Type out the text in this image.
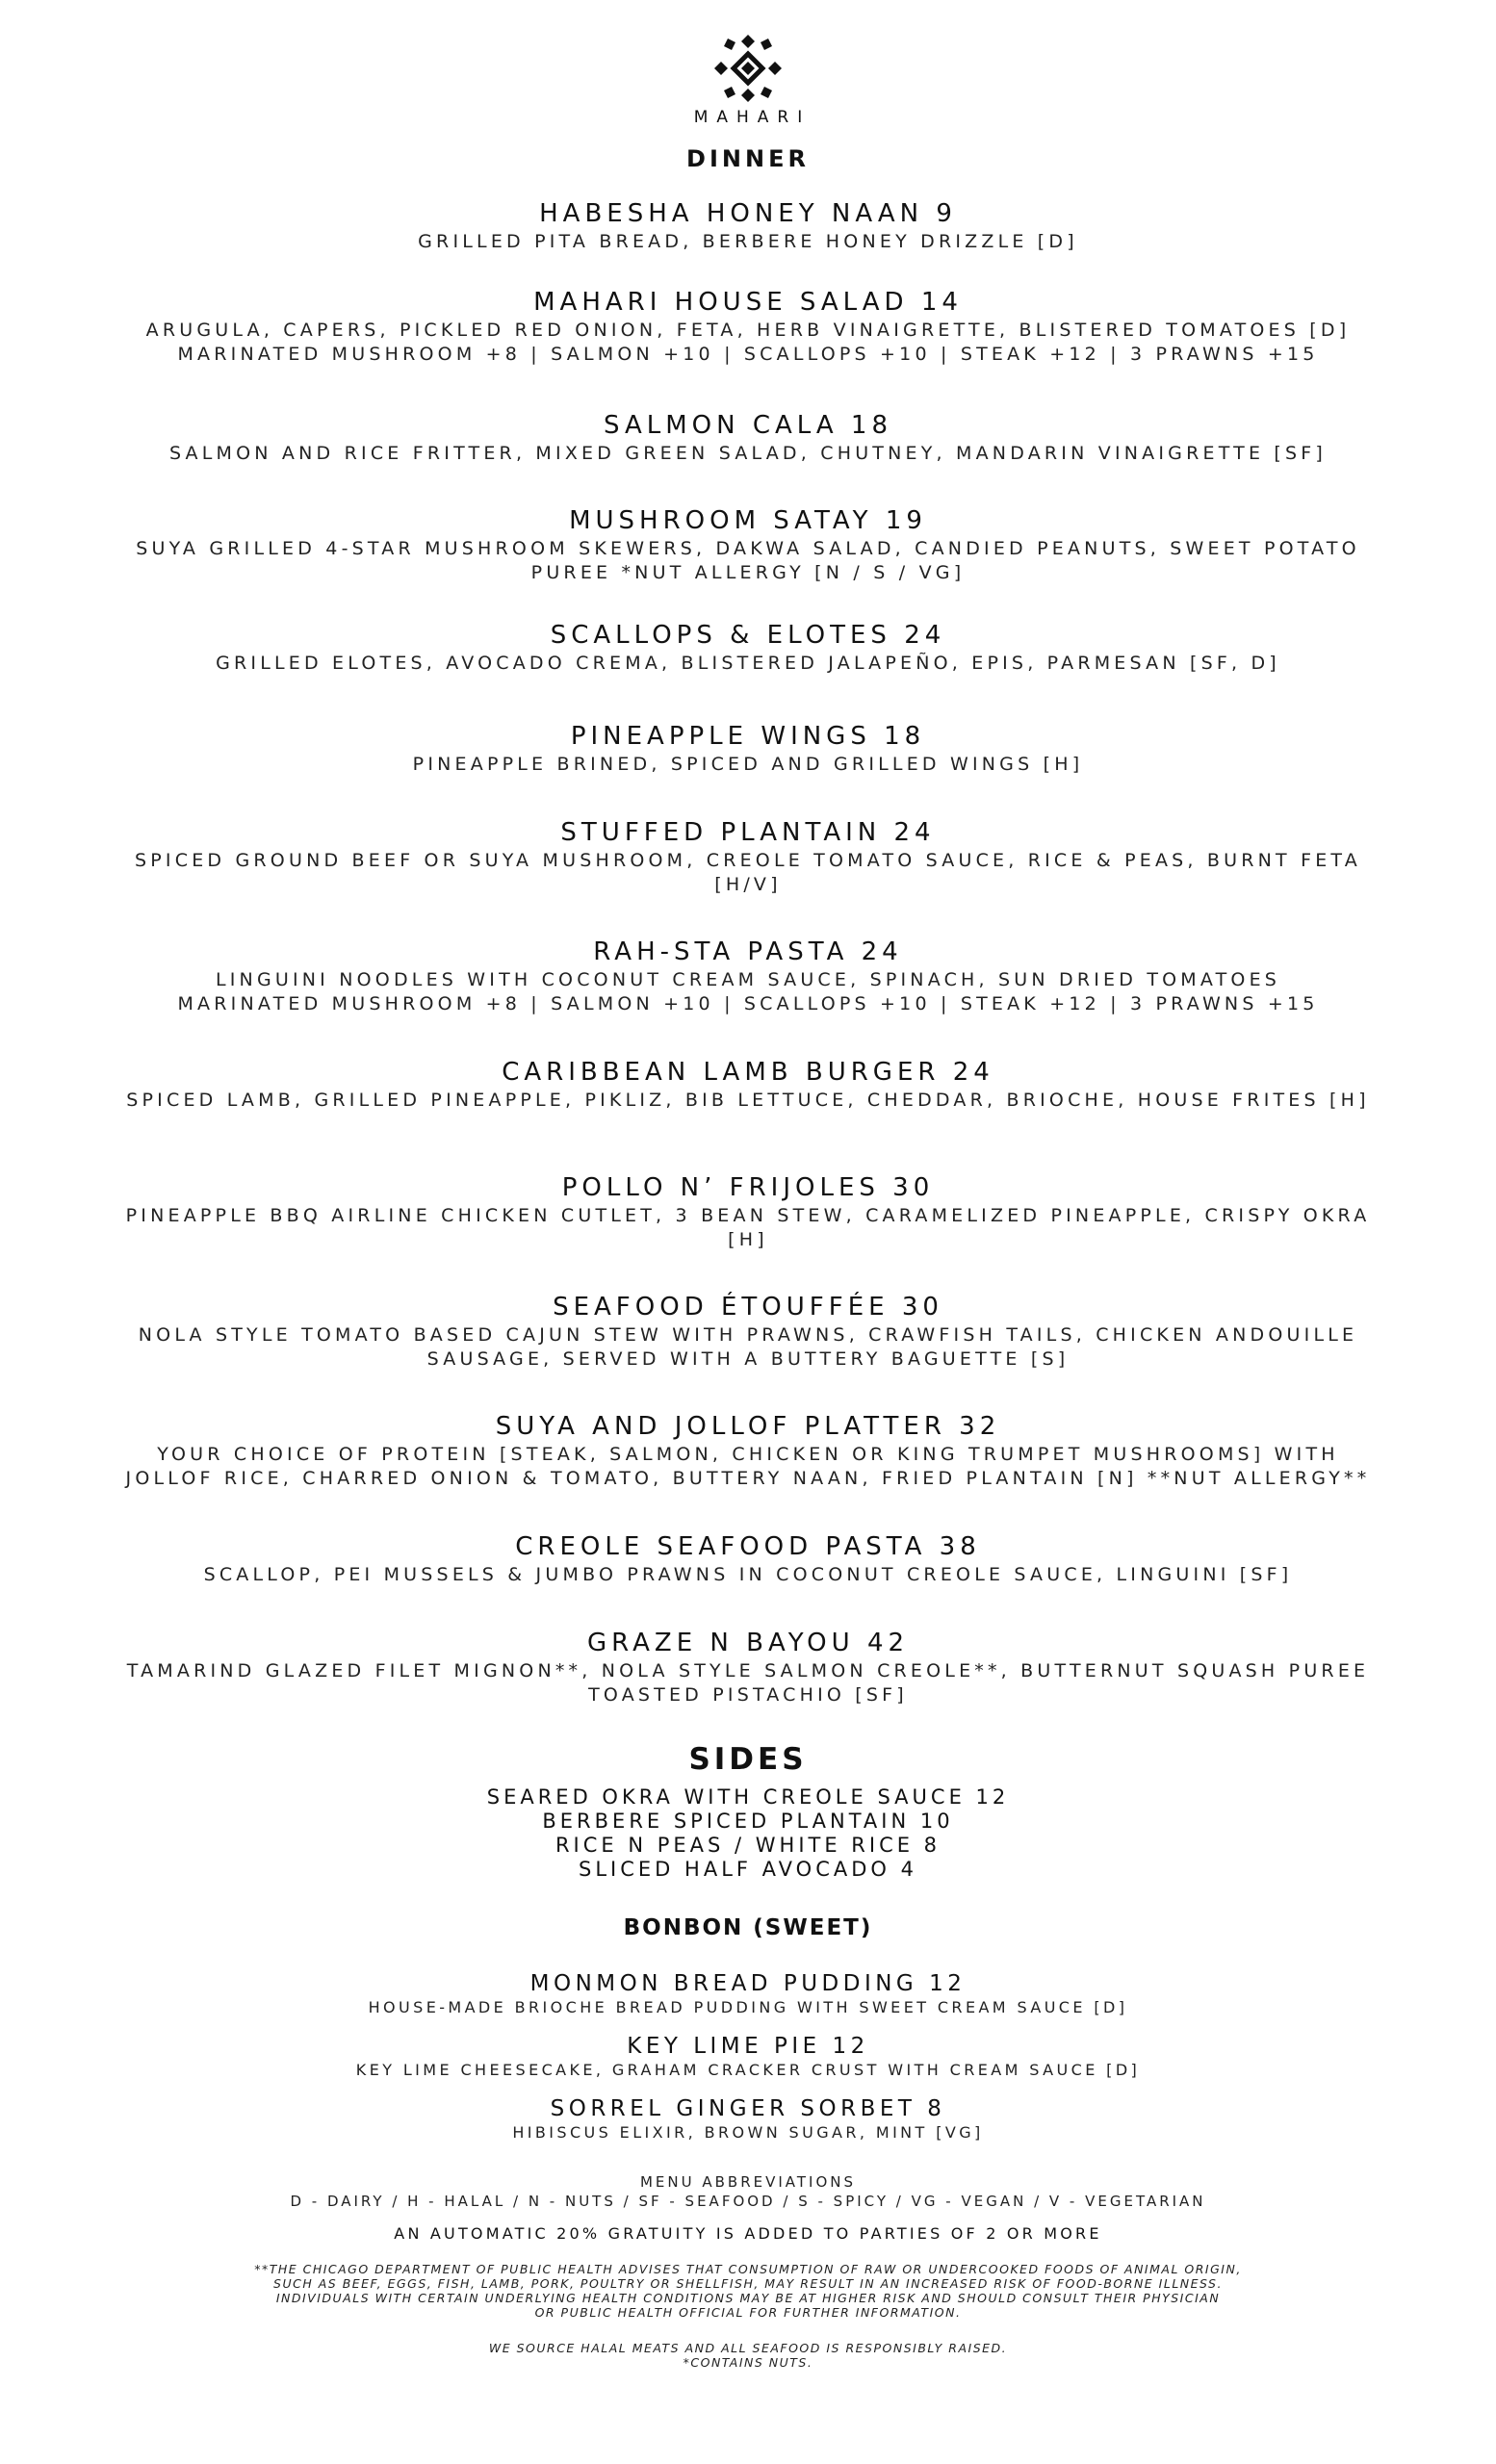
MAHARI
DINNER
HABESHA HONEY NAAN 9
GRILLED PITA BREAD, BERBERE HONEY DRIZZLE [D]
MAHARI HOUSE SALAD 14
ARUGULA, CAPERS, PICKLED RED ONION, FETA, HERB VINAIGRETTE, BLISTERED TOMATOES [D]
MARINATED MUSHROOM +8 | SALMON +10 | SCALLOPS +10 | STEAK +12 | 3 PRAWNS +15
SALMON CALA 18
SALMON AND RICE FRITTER, MIXED GREEN SALAD, CHUTNEY, MANDARIN VINAIGRETTE [SF]
MUSHROOM SATAY 19
SUYA GRILLED 4-STAR MUSHROOM SKEWERS, DAKWA SALAD, CANDIED PEANUTS, SWEET POTATO
PUREE *NUT ALLERGY [N / S / VG]
SCALLOPS & ELOTES 24
GRILLED ELOTES, AVOCADO CREMA, BLISTERED JALAPEÑO, EPIS, PARMESAN [SF, D]
PINEAPPLE WINGS 18
PINEAPPLE BRINED, SPICED AND GRILLED WINGS [H]
STUFFED PLANTAIN 24
SPICED GROUND BEEF OR SUYA MUSHROOM, CREOLE TOMATO SAUCE, RICE & PEAS, BURNT FETA
[H/V]
RAH-STA PASTA 24
LINGUINI NOODLES WITH COCONUT CREAM SAUCE, SPINACH, SUN DRIED TOMATOES
MARINATED MUSHROOM +8 | SALMON +10 | SCALLOPS +10 | STEAK +12 | 3 PRAWNS +15
CARIBBEAN LAMB BURGER 24
SPICED LAMB, GRILLED PINEAPPLE, PIKLIZ, BIB LETTUCE, CHEDDAR, BRIOCHE, HOUSE FRITES [H]
POLLO N’ FRIJOLES 30
PINEAPPLE BBQ AIRLINE CHICKEN CUTLET, 3 BEAN STEW, CARAMELIZED PINEAPPLE, CRISPY OKRA
[H]
SEAFOOD ÉTOUFFÉE 30
NOLA STYLE TOMATO BASED CAJUN STEW WITH PRAWNS, CRAWFISH TAILS, CHICKEN ANDOUILLE
SAUSAGE, SERVED WITH A BUTTERY BAGUETTE [S]
SUYA AND JOLLOF PLATTER 32
YOUR CHOICE OF PROTEIN [STEAK, SALMON, CHICKEN OR KING TRUMPET MUSHROOMS] WITH
JOLLOF RICE, CHARRED ONION & TOMATO, BUTTERY NAAN, FRIED PLANTAIN [N] **NUT ALLERGY**
CREOLE SEAFOOD PASTA 38
SCALLOP, PEI MUSSELS & JUMBO PRAWNS IN COCONUT CREOLE SAUCE, LINGUINI [SF]
GRAZE N BAYOU 42
TAMARIND GLAZED FILET MIGNON**, NOLA STYLE SALMON CREOLE**, BUTTERNUT SQUASH PUREE
TOASTED PISTACHIO [SF]
SIDES
SEARED OKRA WITH CREOLE SAUCE 12
BERBERE SPICED PLANTAIN 10
RICE N PEAS / WHITE RICE 8
SLICED HALF AVOCADO 4
BONBON (SWEET)
MONMON BREAD PUDDING 12
HOUSE-MADE BRIOCHE BREAD PUDDING WITH SWEET CREAM SAUCE [D]
KEY LIME PIE 12
KEY LIME CHEESECAKE, GRAHAM CRACKER CRUST WITH CREAM SAUCE [D]
SORREL GINGER SORBET 8
HIBISCUS ELIXIR, BROWN SUGAR, MINT [VG]
MENU ABBREVIATIONS
D - DAIRY / H - HALAL / N - NUTS / SF - SEAFOOD / S - SPICY / VG - VEGAN / V - VEGETARIAN
AN AUTOMATIC 20% GRATUITY IS ADDED TO PARTIES OF 2 OR MORE
**THE CHICAGO DEPARTMENT OF PUBLIC HEALTH ADVISES THAT CONSUMPTION OF RAW OR UNDERCOOKED FOODS OF ANIMAL ORIGIN,
SUCH AS BEEF, EGGS, FISH, LAMB, PORK, POULTRY OR SHELLFISH, MAY RESULT IN AN INCREASED RISK OF FOOD-BORNE ILLNESS.
INDIVIDUALS WITH CERTAIN UNDERLYING HEALTH CONDITIONS MAY BE AT HIGHER RISK AND SHOULD CONSULT THEIR PHYSICIAN
OR PUBLIC HEALTH OFFICIAL FOR FURTHER INFORMATION.
WE SOURCE HALAL MEATS AND ALL SEAFOOD IS RESPONSIBLY RAISED.
*CONTAINS NUTS.
